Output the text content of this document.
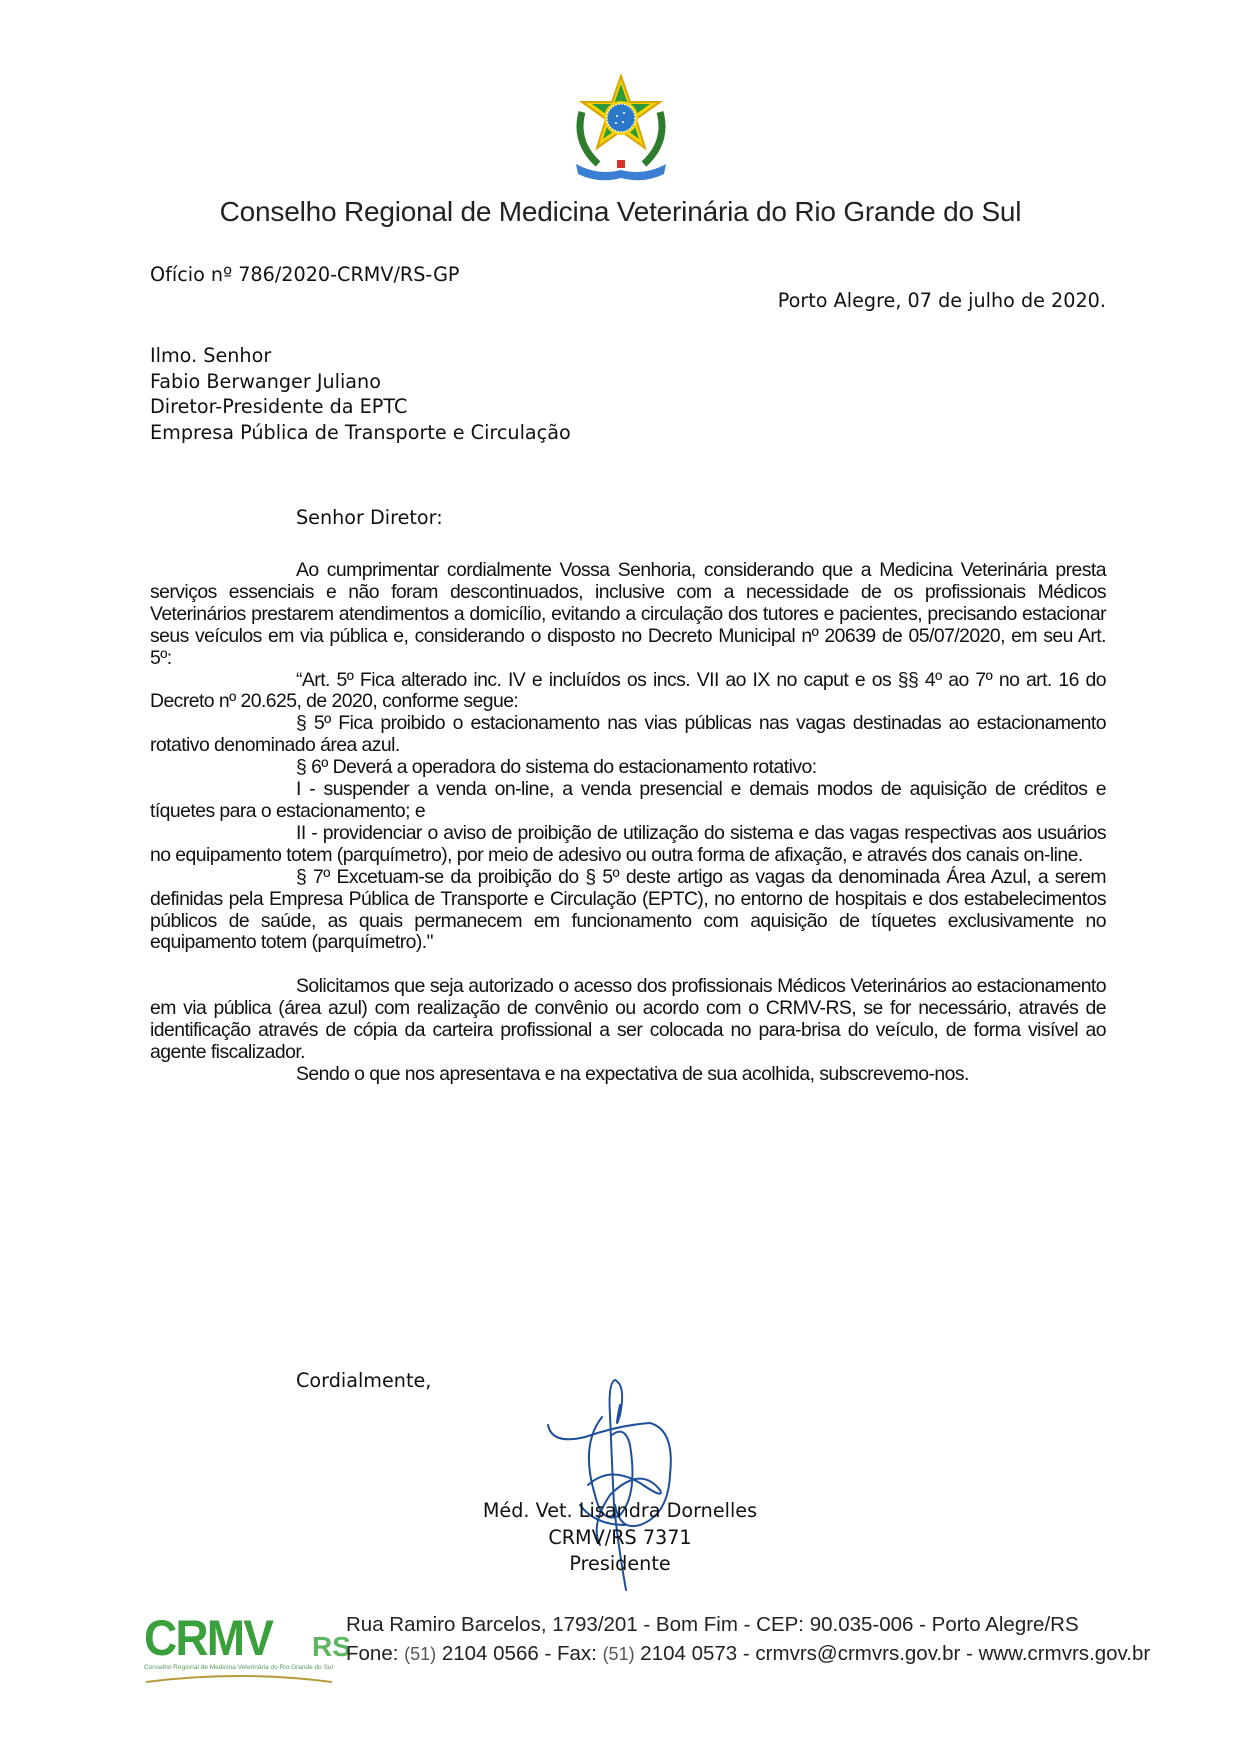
Conselho Regional de Medicina Veterinária do Rio Grande do Sul
Ofício nº 786/2020-CRMV/RS-GP
Porto Alegre, 07 de julho de 2020.
Ilmo. Senhor
Fabio Berwanger Juliano
Diretor-Presidente da EPTC
Empresa Pública de Transporte e Circulação
Senhor Diretor:

Ao cumprimentar cordialmente Vossa Senhoria, considerando que a Medicina Veterinária presta serviços essenciais e não foram descontinuados, inclusive com a necessidade de os profissionais Médicos Veterinários prestarem atendimentos a domicílio, evitando a circulação dos tutores e pacientes, precisando estacionar seus veículos em via pública e, considerando o disposto no Decreto Municipal nº 20639 de 05/07/2020, em seu Art. 5º:

“Art. 5º Fica alterado inc. IV e incluídos os incs. VII ao IX no caput e os §§ 4º ao 7º no art. 16 do Decreto nº 20.625, de 2020, conforme segue:

§ 5º Fica proibido o estacionamento nas vias públicas nas vagas destinadas ao estacionamento rotativo denominado área azul.

§ 6º Deverá a operadora do sistema do estacionamento rotativo:

I - suspender a venda on-line, a venda presencial e demais modos de aquisição de créditos e tíquetes para o estacionamento; e

II - providenciar o aviso de proibição de utilização do sistema e das vagas respectivas aos usuários no equipamento totem (parquímetro), por meio de adesivo ou outra forma de afixação, e através dos canais on-line.

§ 7º Excetuam-se da proibição do § 5º deste artigo as vagas da denominada Área Azul, a serem definidas pela Empresa Pública de Transporte e Circulação (EPTC), no entorno de hospitais e dos estabelecimentos públicos de saúde, as quais permanecem em funcionamento com aquisição de tíquetes exclusivamente no equipamento totem (parquímetro)."

Solicitamos que seja autorizado o acesso dos profissionais Médicos Veterinários ao estacionamento em via pública (área azul) com realização de convênio ou acordo com o CRMV-RS, se for necessário, através de identificação através de cópia da carteira profissional a ser colocada no para-brisa do veículo, de forma visível ao agente fiscalizador.

Sendo o que nos apresentava e na expectativa de sua acolhida, subscrevemo-nos.

Cordialmente,
Méd. Vet. Lisandra Dornelles
CRMV/RS 7371
Presidente
CRMV RS
Conselho Regional de Medicina Veterinária do Rio Grande do Sul
Rua Ramiro Barcelos, 1793/201 - Bom Fim - CEP: 90.035-006 - Porto Alegre/RS
Fone: (51) 2104 0566 - Fax: (51) 2104 0573 - crmvrs@crmvrs.gov.br - www.crmvrs.gov.br
